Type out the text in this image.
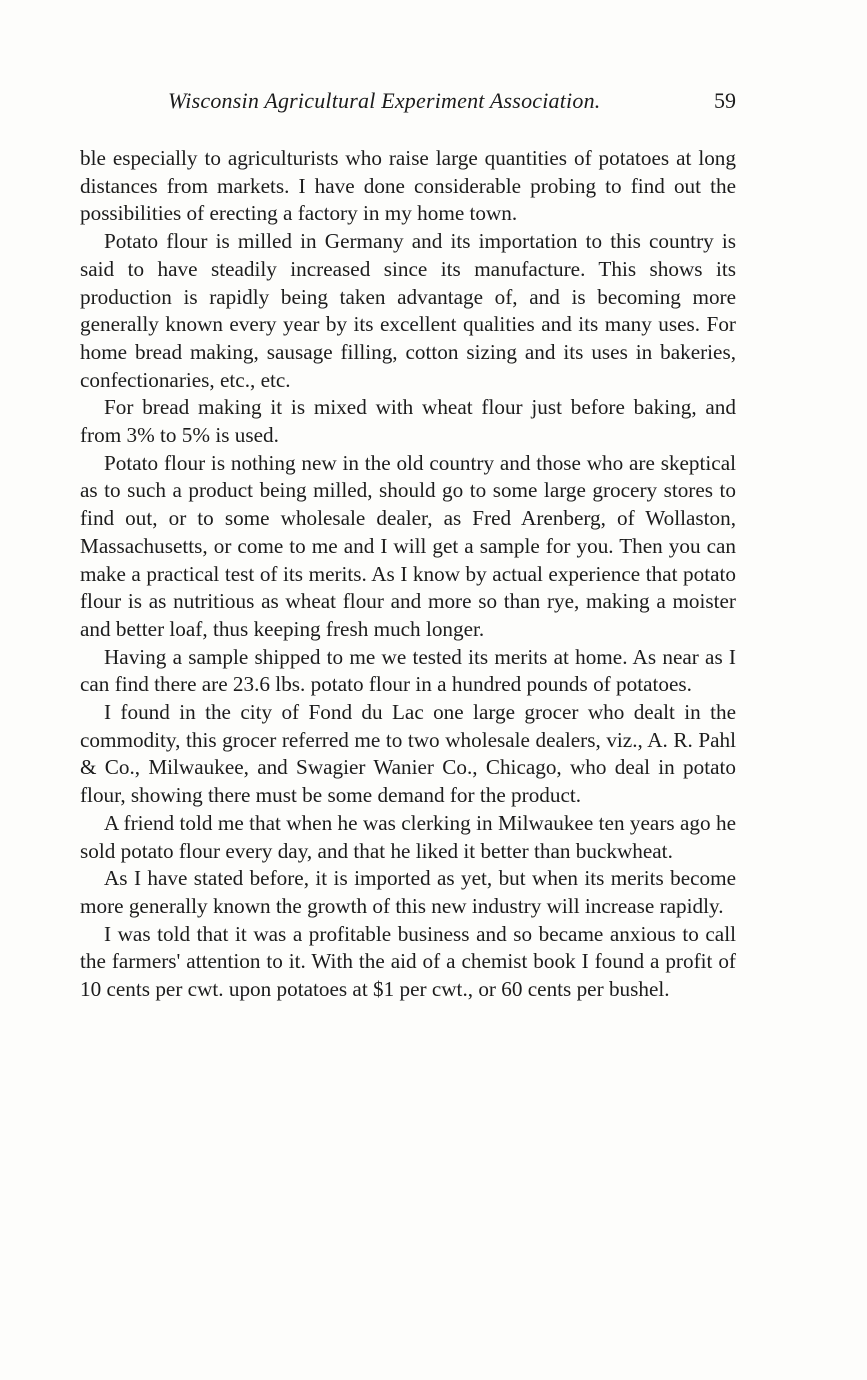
Wisconsin Agricultural Experiment Association.	59

ble especially to agriculturists who raise large quantities of potatoes at long distances from markets. I have done considerable probing to find out the possibilities of erecting a factory in my home town.

Potato flour is milled in Germany and its importation to this country is said to have steadily increased since its manufacture. This shows its production is rapidly being taken advantage of, and is becoming more generally known every year by its excellent qualities and its many uses. For home bread making, sausage filling, cotton sizing and its uses in bakeries, confectionaries, etc., etc.

For bread making it is mixed with wheat flour just before baking, and from 3% to 5% is used.

Potato flour is nothing new in the old country and those who are skeptical as to such a product being milled, should go to some large grocery stores to find out, or to some wholesale dealer, as Fred Arenberg, of Wollaston, Massachusetts, or come to me and I will get a sample for you. Then you can make a practical test of its merits. As I know by actual experience that potato flour is as nutritious as wheat flour and more so than rye, making a moister and better loaf, thus keeping fresh much longer.

Having a sample shipped to me we tested its merits at home. As near as I can find there are 23.6 lbs. potato flour in a hundred pounds of potatoes.

I found in the city of Fond du Lac one large grocer who dealt in the commodity, this grocer referred me to two wholesale dealers, viz., A. R. Pahl & Co., Milwaukee, and Swagier Wanier Co., Chicago, who deal in potato flour, showing there must be some demand for the product.

A friend told me that when he was clerking in Milwaukee ten years ago he sold potato flour every day, and that he liked it better than buckwheat.

As I have stated before, it is imported as yet, but when its merits become more generally known the growth of this new industry will increase rapidly.

I was told that it was a profitable business and so became anxious to call the farmers' attention to it. With the aid of a chemist book I found a profit of 10 cents per cwt. upon potatoes at $1 per cwt., or 60 cents per bushel.
